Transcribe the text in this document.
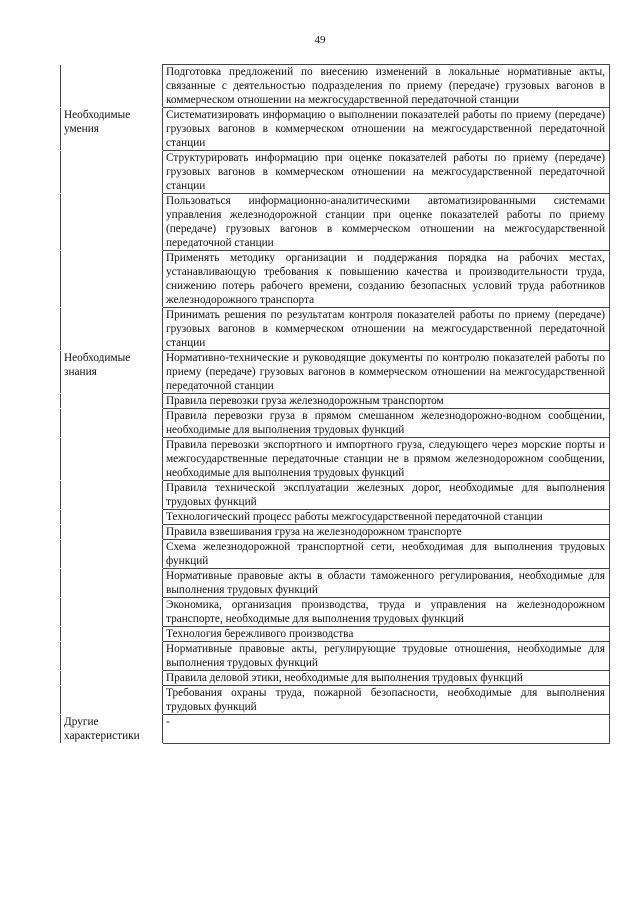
49
	Подготовка предложений по внесению изменений в локальные нормативные акты, связанные с деятельностью подразделения по приему (передаче) грузовых вагонов в коммерческом отношении на межгосударственной передаточной станции
Необходимые умения	Систематизировать информацию о выполнении показателей работы по приему (передаче) грузовых вагонов в коммерческом отношении на межгосударственной передаточной станции
	Структурировать информацию при оценке показателей работы по приему (передаче) грузовых вагонов в коммерческом отношении на межгосударственной передаточной станции
	Пользоваться информационно-аналитическими автоматизированными системами управления железнодорожной станции при оценке показателей работы по приему (передаче) грузовых вагонов в коммерческом отношении на межгосударственной передаточной станции
	Применять методику организации и поддержания порядка на рабочих местах, устанавливающую требования к повышению качества и производительности труда, снижению потерь рабочего времени, созданию безопасных условий труда работников железнодорожного транспорта
	Принимать решения по результатам контроля показателей работы по приему (передаче) грузовых вагонов в коммерческом отношении на межгосударственной передаточной станции
Необходимые знания	Нормативно-технические и руководящие документы по контролю показателей работы по приему (передаче) грузовых вагонов в коммерческом отношении на межгосударственной передаточной станции
	Правила перевозки груза железнодорожным транспортом
	Правила перевозки груза в прямом смешанном железнодорожно-водном сообщении, необходимые для выполнения трудовых функций
	Правила перевозки экспортного и импортного груза, следующего через морские порты и межгосударственные передаточные станции не в прямом железнодорожном сообщении, необходимые для выполнения трудовых функций
	Правила технической эксплуатации железных дорог, необходимые для выполнения трудовых функций
	Технологический процесс работы межгосударственной передаточной станции
	Правила взвешивания груза на железнодорожном транспорте
	Схема железнодорожной транспортной сети, необходимая для выполнения трудовых функций
	Нормативные правовые акты в области таможенного регулирования, необходимые для выполнения трудовых функций
	Экономика, организация производства, труда и управления на железнодорожном транспорте, необходимые для выполнения трудовых функций
	Технология бережливого производства
	Нормативные правовые акты, регулирующие трудовые отношения, необходимые для выполнения трудовых функций
	Правила деловой этики, необходимые для выполнения трудовых функций
	Требования охраны труда, пожарной безопасности, необходимые для выполнения трудовых функций
Другие характеристики	-
